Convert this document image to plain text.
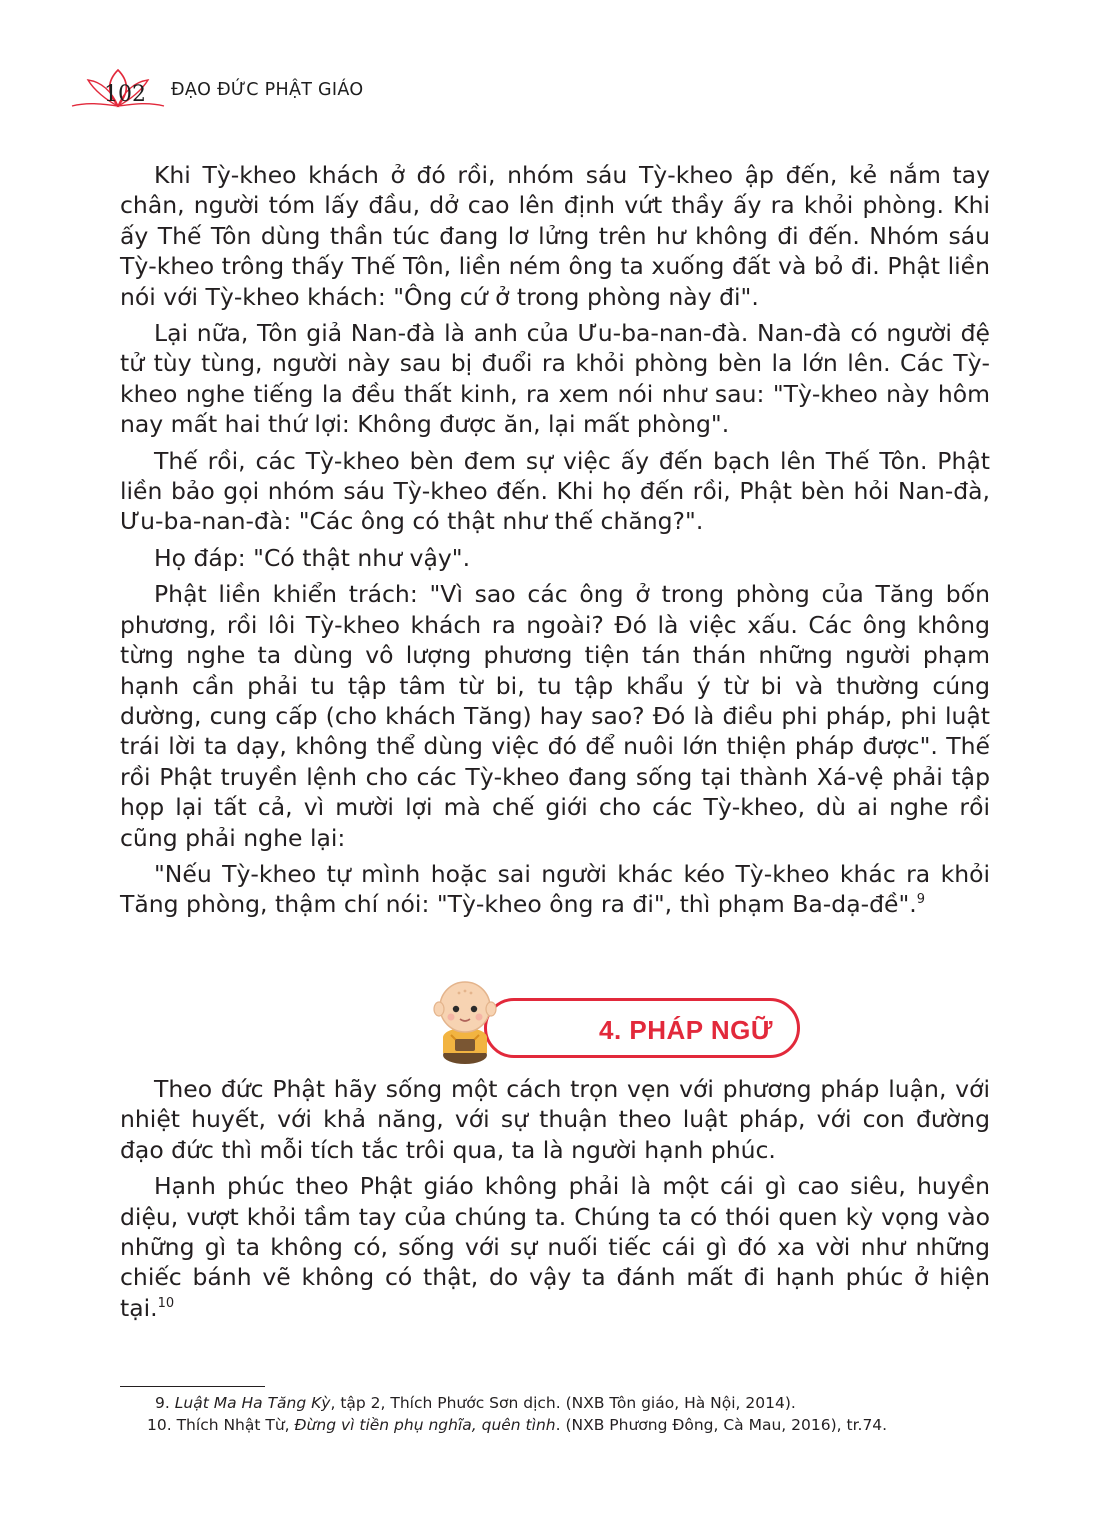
102 ĐẠO ĐỨC PHẬT GIÁO

Khi Tỳ-kheo khách ở đó rồi, nhóm sáu Tỳ-kheo ập đến, kẻ nắm tay chân, người tóm lấy đầu, dở cao lên định vứt thầy ấy ra khỏi phòng. Khi ấy Thế Tôn dùng thần túc đang lơ lửng trên hư không đi đến. Nhóm sáu Tỳ-kheo trông thấy Thế Tôn, liền ném ông ta xuống đất và bỏ đi. Phật liền nói với Tỳ-kheo khách: "Ông cứ ở trong phòng này đi".

Lại nữa, Tôn giả Nan-đà là anh của Ưu-ba-nan-đà. Nan-đà có người đệ tử tùy tùng, người này sau bị đuổi ra khỏi phòng bèn la lớn lên. Các Tỳ-kheo nghe tiếng la đều thất kinh, ra xem nói như sau: "Tỳ-kheo này hôm nay mất hai thứ lợi: Không được ăn, lại mất phòng".

Thế rồi, các Tỳ-kheo bèn đem sự việc ấy đến bạch lên Thế Tôn. Phật liền bảo gọi nhóm sáu Tỳ-kheo đến. Khi họ đến rồi, Phật bèn hỏi Nan-đà, Ưu-ba-nan-đà: "Các ông có thật như thế chăng?".

Họ đáp: "Có thật như vậy".

Phật liền khiển trách: "Vì sao các ông ở trong phòng của Tăng bốn phương, rồi lôi Tỳ-kheo khách ra ngoài? Đó là việc xấu. Các ông không từng nghe ta dùng vô lượng phương tiện tán thán những người phạm hạnh cần phải tu tập tâm từ bi, tu tập khẩu ý từ bi và thường cúng dường, cung cấp (cho khách Tăng) hay sao? Đó là điều phi pháp, phi luật trái lời ta dạy, không thể dùng việc đó để nuôi lớn thiện pháp được". Thế rồi Phật truyền lệnh cho các Tỳ-kheo đang sống tại thành Xá-vệ phải tập họp lại tất cả, vì mười lợi mà chế giới cho các Tỳ-kheo, dù ai nghe rồi cũng phải nghe lại:

"Nếu Tỳ-kheo tự mình hoặc sai người khác kéo Tỳ-kheo khác ra khỏi Tăng phòng, thậm chí nói: "Tỳ-kheo ông ra đi", thì phạm Ba-dạ-đề".$^9$

4. PHÁP NGỮ

Theo đức Phật hãy sống một cách trọn vẹn với phương pháp luận, với nhiệt huyết, với khả năng, với sự thuận theo luật pháp, với con đường đạo đức thì mỗi tích tắc trôi qua, ta là người hạnh phúc.

Hạnh phúc theo Phật giáo không phải là một cái gì cao siêu, huyền diệu, vượt khỏi tầm tay của chúng ta. Chúng ta có thói quen kỳ vọng vào những gì ta không có, sống với sự nuối tiếc cái gì đó xa vời như những chiếc bánh vẽ không có thật, do vậy ta đánh mất đi hạnh phúc ở hiện tại.$^{10}$

9. Luật Ma Ha Tăng Kỳ, tập 2, Thích Phước Sơn dịch. (NXB Tôn giáo, Hà Nội, 2014).
10. Thích Nhật Từ, Đừng vì tiền phụ nghĩa, quên tình. (NXB Phương Đông, Cà Mau, 2016), tr.74.
